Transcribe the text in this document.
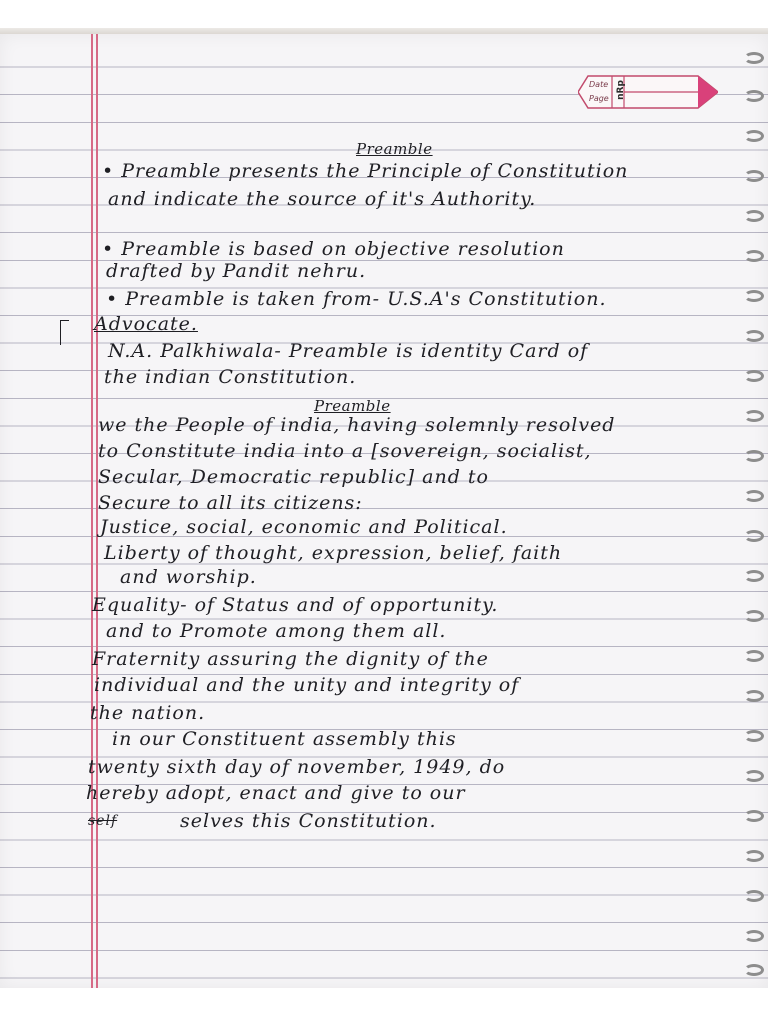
Date
Page nRp
Preamble
• Preamble presents the Principle of Constitution
and indicate the source of it's Authority.
• Preamble is based on objective resolution
drafted by Pandit nehru.
• Preamble is taken from- U.S.A's Constitution.
Advocate.
N.A. Palkhiwala- Preamble is identity Card of
the indian Constitution.
Preamble
we the People of india, having solemnly resolved
to Constitute india into a [sovereign, socialist,
Secular, Democratic republic] and to
Secure to all its citizens:
Justice, social, economic and Political.
Liberty of thought, expression, belief, faith
and worship.
Equality- of Status and of opportunity.
and to Promote among them all.
Fraternity assuring the dignity of the
individual and the unity and integrity of
the nation.
in our Constituent assembly this
twenty sixth day of november, 1949, do
hereby adopt, enact and give to our
self	selves this Constitution.
